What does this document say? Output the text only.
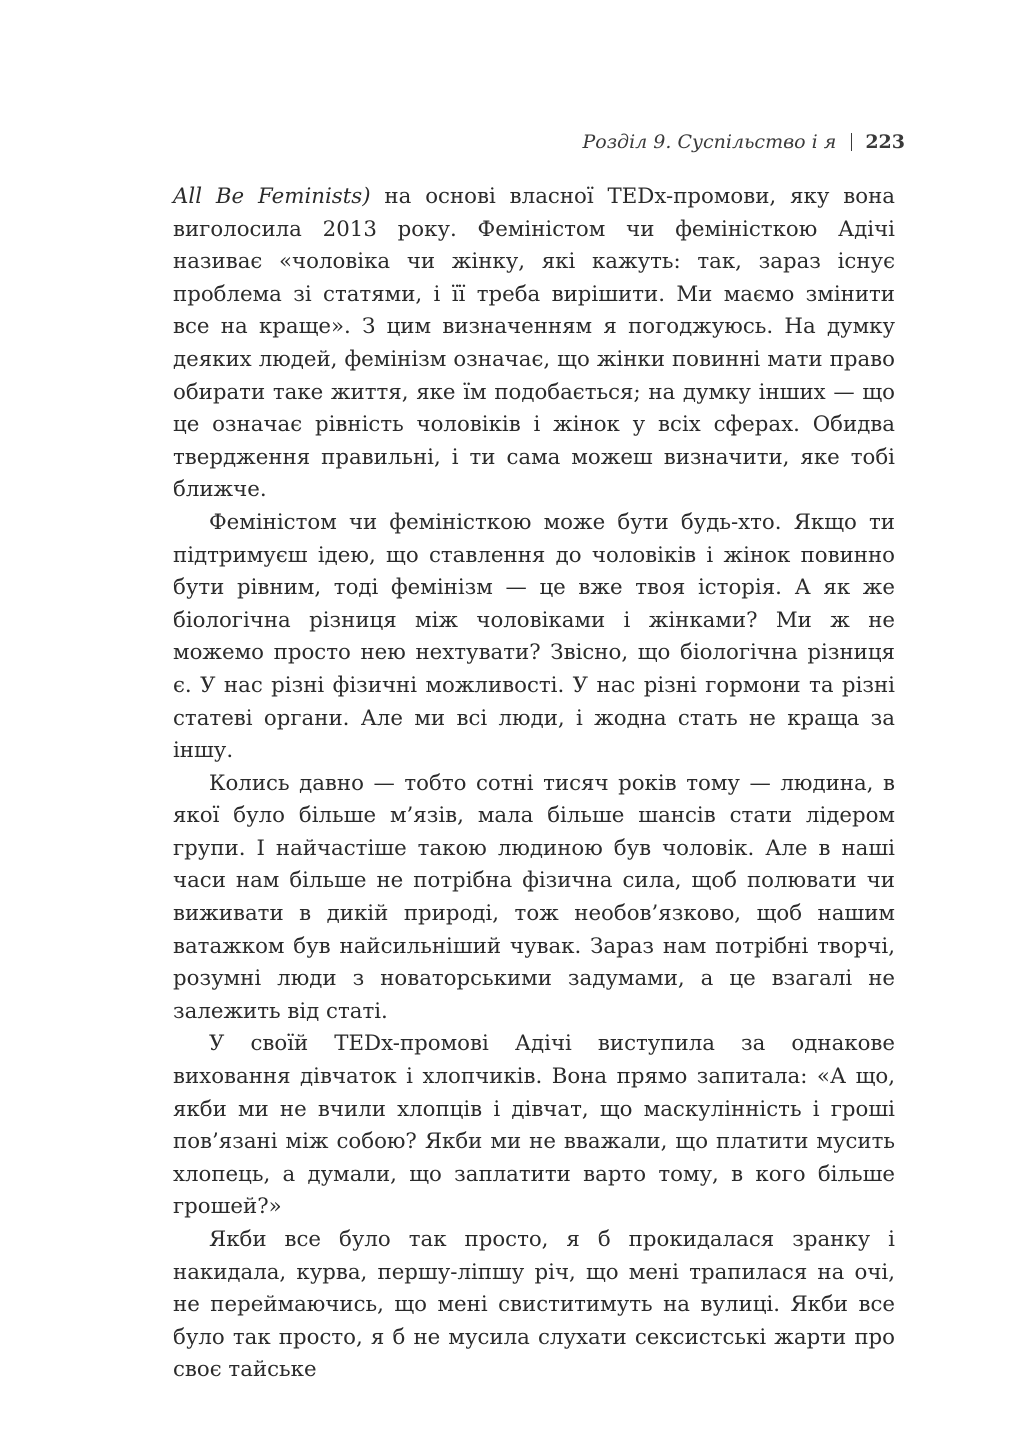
Розділ 9. Суспільство і я 223

All Be Feminists) на основі власної TEDx-промови, яку вона виголосила 2013 року. Феміністом чи феміністкою Адічі називає «чоловіка чи жінку, які кажуть: так, зараз існує проблема зі статями, і її треба вирішити. Ми маємо змінити все на краще». З цим визначенням я погоджуюсь. На думку деяких людей, фемінізм означає, що жінки повинні мати право обирати таке життя, яке їм подобається; на думку інших — що це означає рівність чоловіків і жінок у всіх сферах. Обидва твердження правильні, і ти сама можеш визначити, яке тобі ближче.

Феміністом чи феміністкою може бути будь-хто. Якщо ти підтримуєш ідею, що ставлення до чоловіків і жінок повинно бути рівним, тоді фемінізм — це вже твоя історія. А як же біологічна різниця між чоловіками і жінками? Ми ж не можемо просто нею нехтувати? Звісно, що біологічна різниця є. У нас різні фізичні можливості. У нас різні гормони та різні статеві органи. Але ми всі люди, і жодна стать не краща за іншу.

Колись давно — тобто сотні тисяч років тому — людина, в якої було більше м’язів, мала більше шансів стати лідером групи. І найчастіше такою людиною був чоловік. Але в наші часи нам більше не потрібна фізична сила, щоб полювати чи виживати в дикій природі, тож необов’язково, щоб нашим ватажком був найсильніший чувак. Зараз нам потрібні творчі, розумні люди з новаторськими задумами, а це взагалі не залежить від статі.

У своїй TEDx-промові Адічі виступила за однакове виховання дівчаток і хлопчиків. Вона прямо запитала: «А що, якби ми не вчили хлопців і дівчат, що маскулінність і гроші пов’язані між собою? Якби ми не вважали, що платити мусить хлопець, а думали, що заплатити варто тому, в кого більше грошей?»

Якби все було так просто, я б прокидалася зранку і накидала, курва, першу-ліпшу річ, що мені трапилася на очі, не переймаючись, що мені свиститимуть на вулиці. Якби все було так просто, я б не мусила слухати сексистські жарти про своє тайське
